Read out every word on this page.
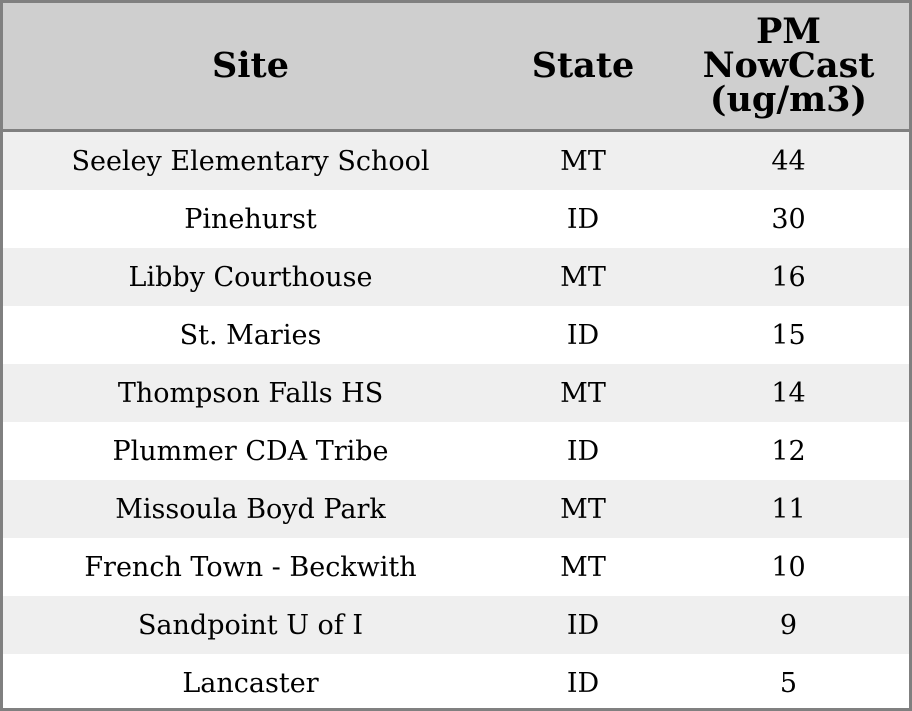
Site	State	PM
NowCast
(ug/m3)

Seeley Elementary School	MT	44
Pinehurst	ID	30
Libby Courthouse	MT	16
St. Maries	ID	15
Thompson Falls HS	MT	14
Plummer CDA Tribe	ID	12
Missoula Boyd Park	MT	11
French Town - Beckwith	MT	10
Sandpoint U of I	ID	9
Lancaster	ID	5
